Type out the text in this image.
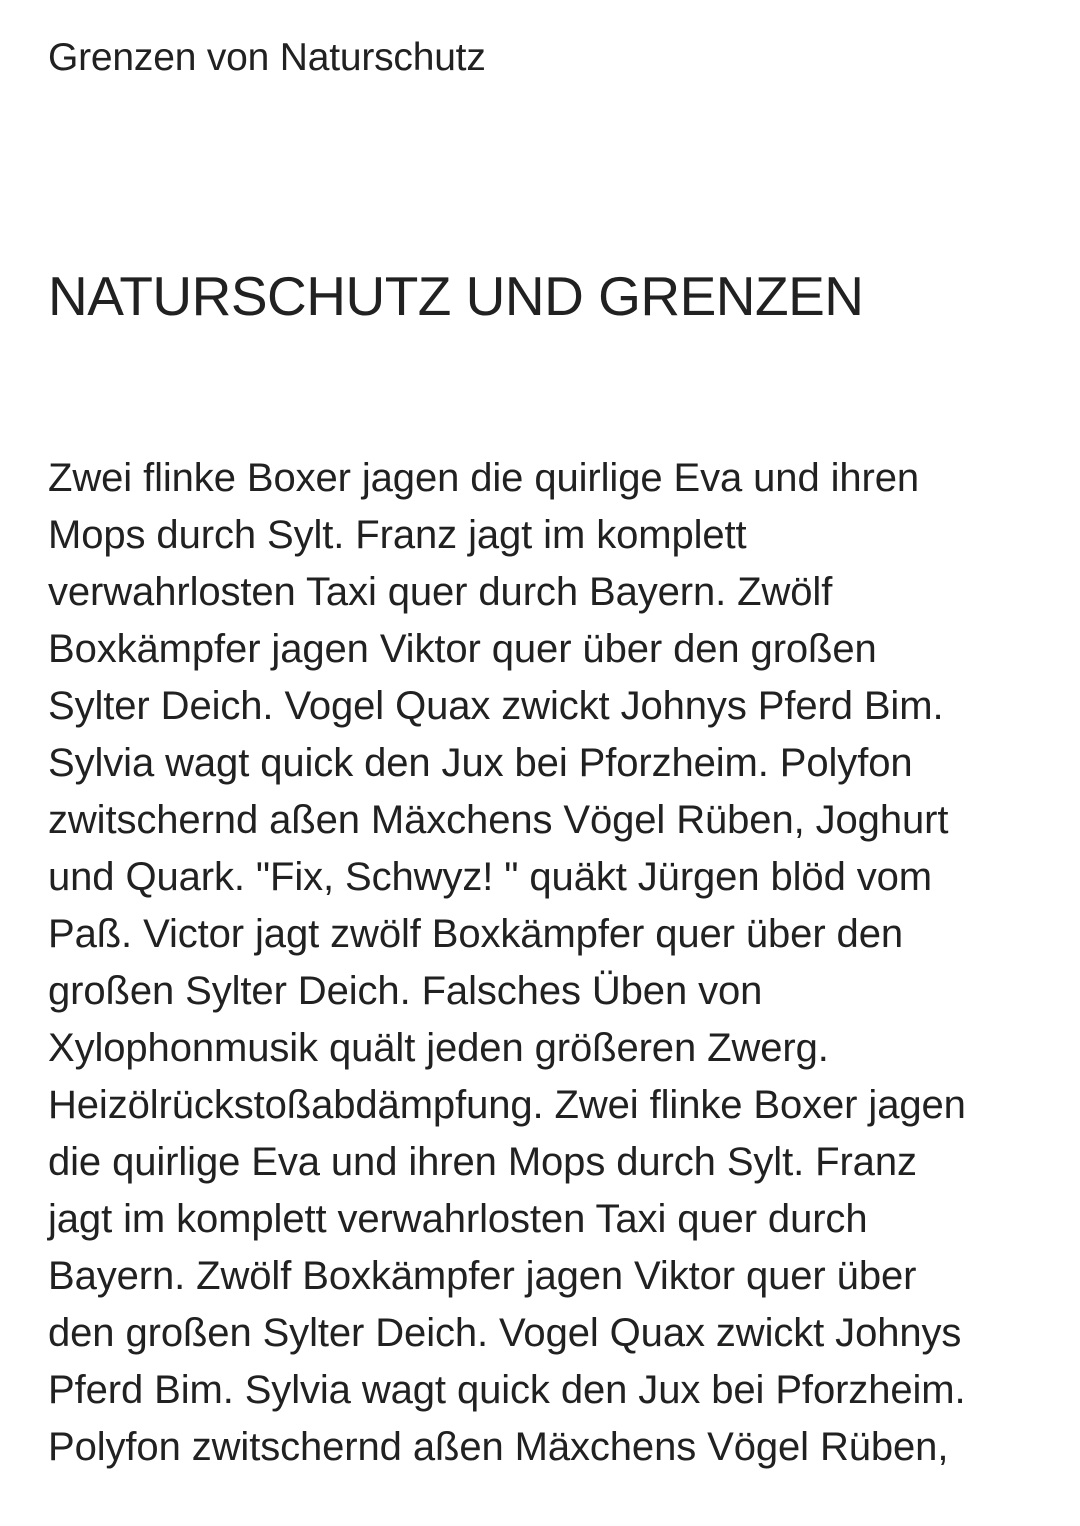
Grenzen von Naturschutz
NATURSCHUTZ UND GRENZEN
Zwei flinke Boxer jagen die quirlige Eva und ihren
Mops durch Sylt. Franz jagt im komplett
verwahrlosten Taxi quer durch Bayern. Zwölf
Boxkämpfer jagen Viktor quer über den großen
Sylter Deich. Vogel Quax zwickt Johnys Pferd Bim.
Sylvia wagt quick den Jux bei Pforzheim. Polyfon
zwitschernd aßen Mäxchens Vögel Rüben, Joghurt
und Quark. "Fix, Schwyz! " quäkt Jürgen blöd vom
Paß. Victor jagt zwölf Boxkämpfer quer über den
großen Sylter Deich. Falsches Üben von
Xylophonmusik quält jeden größeren Zwerg.
Heizölrückstoßabdämpfung. Zwei flinke Boxer jagen
die quirlige Eva und ihren Mops durch Sylt. Franz
jagt im komplett verwahrlosten Taxi quer durch
Bayern. Zwölf Boxkämpfer jagen Viktor quer über
den großen Sylter Deich. Vogel Quax zwickt Johnys
Pferd Bim. Sylvia wagt quick den Jux bei Pforzheim.
Polyfon zwitschernd aßen Mäxchens Vögel Rüben,
